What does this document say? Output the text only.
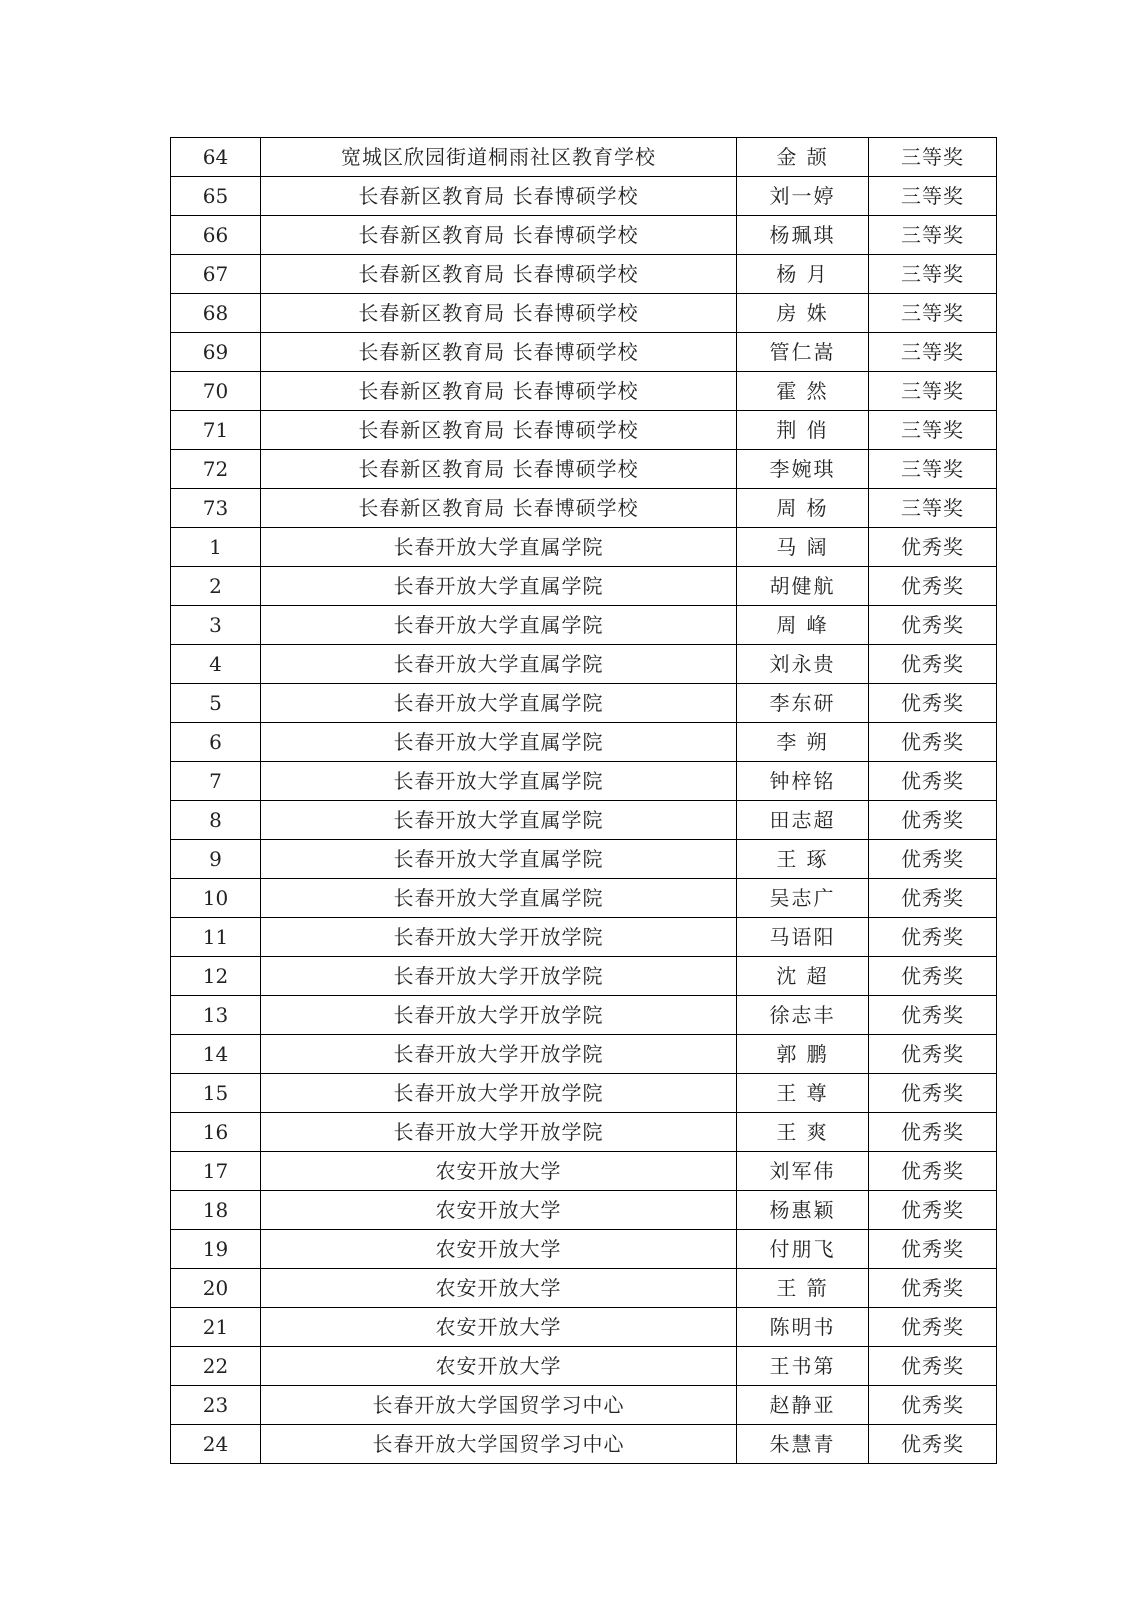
64	宽城区欣园街道桐雨社区教育学校	金 颉	三等奖
65	长春新区教育局 长春博硕学校	刘一婷	三等奖
66	长春新区教育局 长春博硕学校	杨珮琪	三等奖
67	长春新区教育局 长春博硕学校	杨 月	三等奖
68	长春新区教育局 长春博硕学校	房 姝	三等奖
69	长春新区教育局 长春博硕学校	管仁嵩	三等奖
70	长春新区教育局 长春博硕学校	霍 然	三等奖
71	长春新区教育局 长春博硕学校	荆 俏	三等奖
72	长春新区教育局 长春博硕学校	李婉琪	三等奖
73	长春新区教育局 长春博硕学校	周 杨	三等奖
1	长春开放大学直属学院	马 阔	优秀奖
2	长春开放大学直属学院	胡健航	优秀奖
3	长春开放大学直属学院	周 峰	优秀奖
4	长春开放大学直属学院	刘永贵	优秀奖
5	长春开放大学直属学院	李东研	优秀奖
6	长春开放大学直属学院	李 朔	优秀奖
7	长春开放大学直属学院	钟梓铭	优秀奖
8	长春开放大学直属学院	田志超	优秀奖
9	长春开放大学直属学院	王 琢	优秀奖
10	长春开放大学直属学院	吴志广	优秀奖
11	长春开放大学开放学院	马语阳	优秀奖
12	长春开放大学开放学院	沈 超	优秀奖
13	长春开放大学开放学院	徐志丰	优秀奖
14	长春开放大学开放学院	郭 鹏	优秀奖
15	长春开放大学开放学院	王 尊	优秀奖
16	长春开放大学开放学院	王 爽	优秀奖
17	农安开放大学	刘军伟	优秀奖
18	农安开放大学	杨惠颖	优秀奖
19	农安开放大学	付朋飞	优秀奖
20	农安开放大学	王 箭	优秀奖
21	农安开放大学	陈明书	优秀奖
22	农安开放大学	王书第	优秀奖
23	长春开放大学国贸学习中心	赵静亚	优秀奖
24	长春开放大学国贸学习中心	朱慧青	优秀奖
